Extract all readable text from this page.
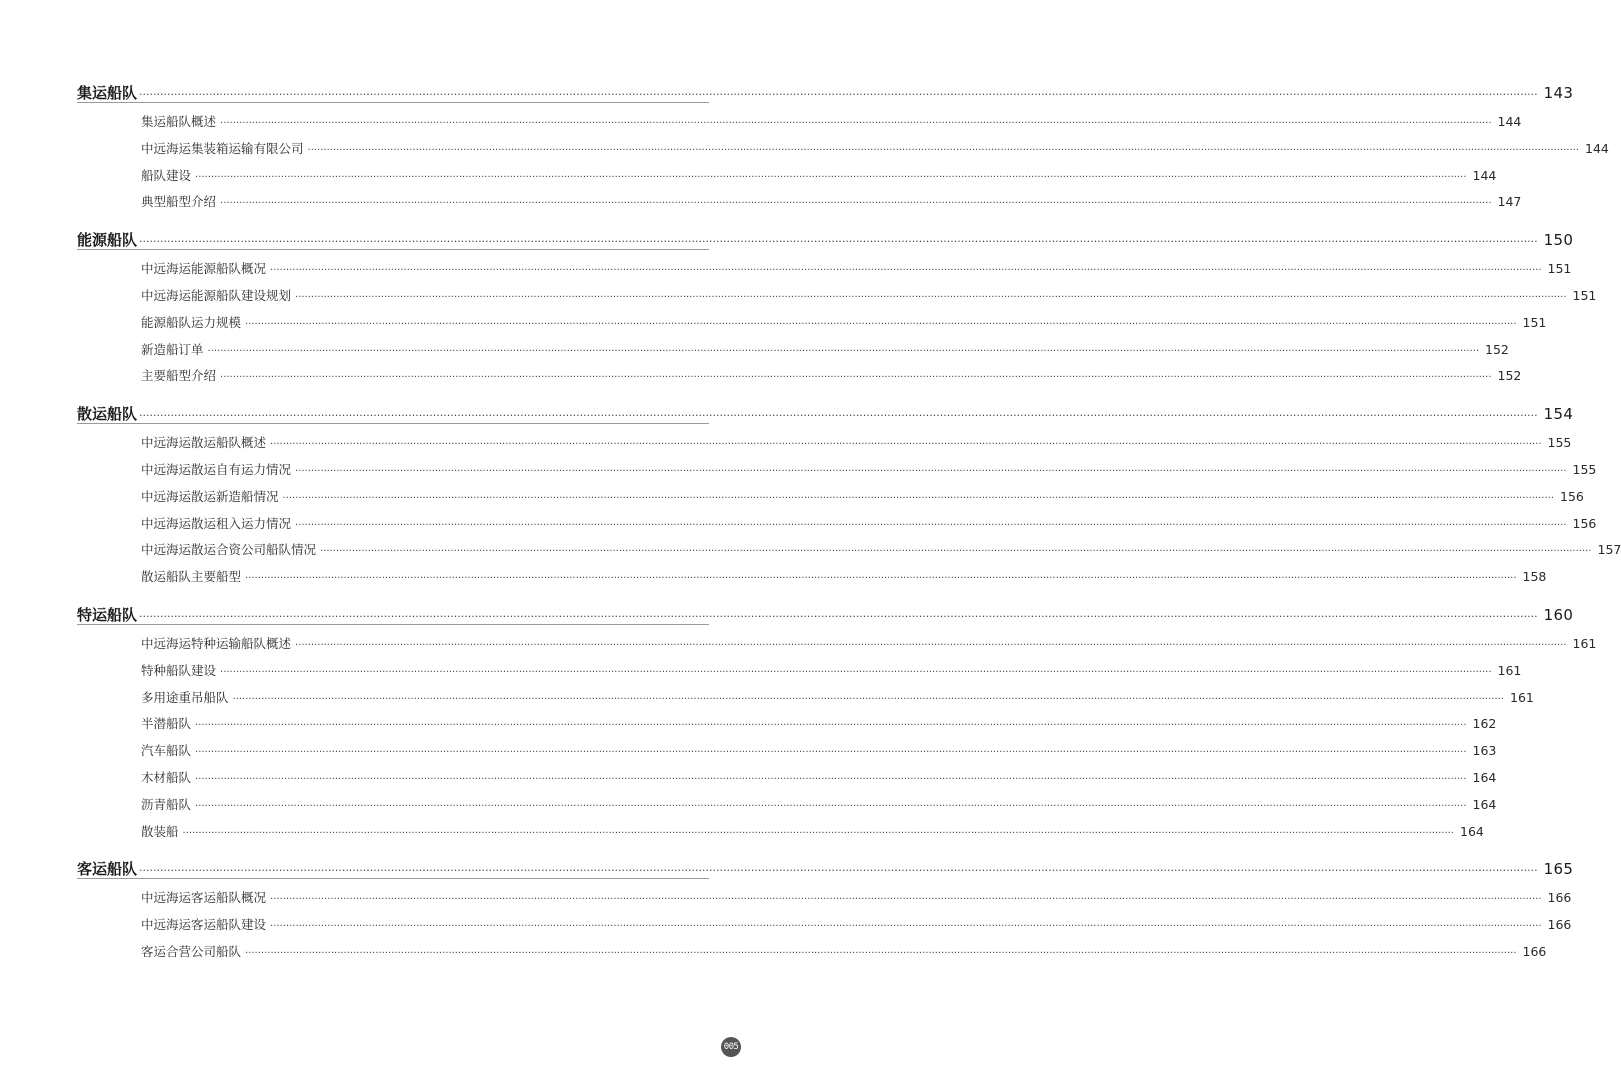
集运船队 ················································································································································································································································································································································································································ 143
集运船队概述 ················································································································································································································································································································································································································ 144
中远海运集装箱运输有限公司 ················································································································································································································································································································································································································ 144
船队建设 ················································································································································································································································································································································································································ 144
典型船型介绍 ················································································································································································································································································································································································································ 147
能源船队 ················································································································································································································································································································································································································ 150
中远海运能源船队概况 ················································································································································································································································································································································································································ 151
中远海运能源船队建设规划 ················································································································································································································································································································································································································ 151
能源船队运力规模 ················································································································································································································································································································································································································ 151
新造船订单 ················································································································································································································································································································································································································ 152
主要船型介绍 ················································································································································································································································································································································································································ 152
散运船队 ················································································································································································································································································································································································································ 154
中远海运散运船队概述 ················································································································································································································································································································································································································ 155
中远海运散运自有运力情况 ················································································································································································································································································································································································································ 155
中远海运散运新造船情况 ················································································································································································································································································································································································································ 156
中远海运散运租入运力情况 ················································································································································································································································································································································································································ 156
中远海运散运合资公司船队情况 ················································································································································································································································································································································································································ 157
散运船队主要船型 ················································································································································································································································································································································································································ 158
特运船队 ················································································································································································································································································································································································································ 160
中远海运特种运输船队概述 ················································································································································································································································································································································································································ 161
特种船队建设 ················································································································································································································································································································································································································ 161
多用途重吊船队 ················································································································································································································································································································································································································ 161
半潜船队 ················································································································································································································································································································································································································ 162
汽车船队 ················································································································································································································································································································································································································ 163
木材船队 ················································································································································································································································································································································································································ 164
沥青船队 ················································································································································································································································································································································································································ 164
散装船 ················································································································································································································································································································································································································ 164
客运船队 ················································································································································································································································································································································································································ 165
中远海运客运船队概况 ················································································································································································································································································································································································································ 166
中远海运客运船队建设 ················································································································································································································································································································································································································ 166
客运合营公司船队 ················································································································································································································································································································································································································ 166
005
